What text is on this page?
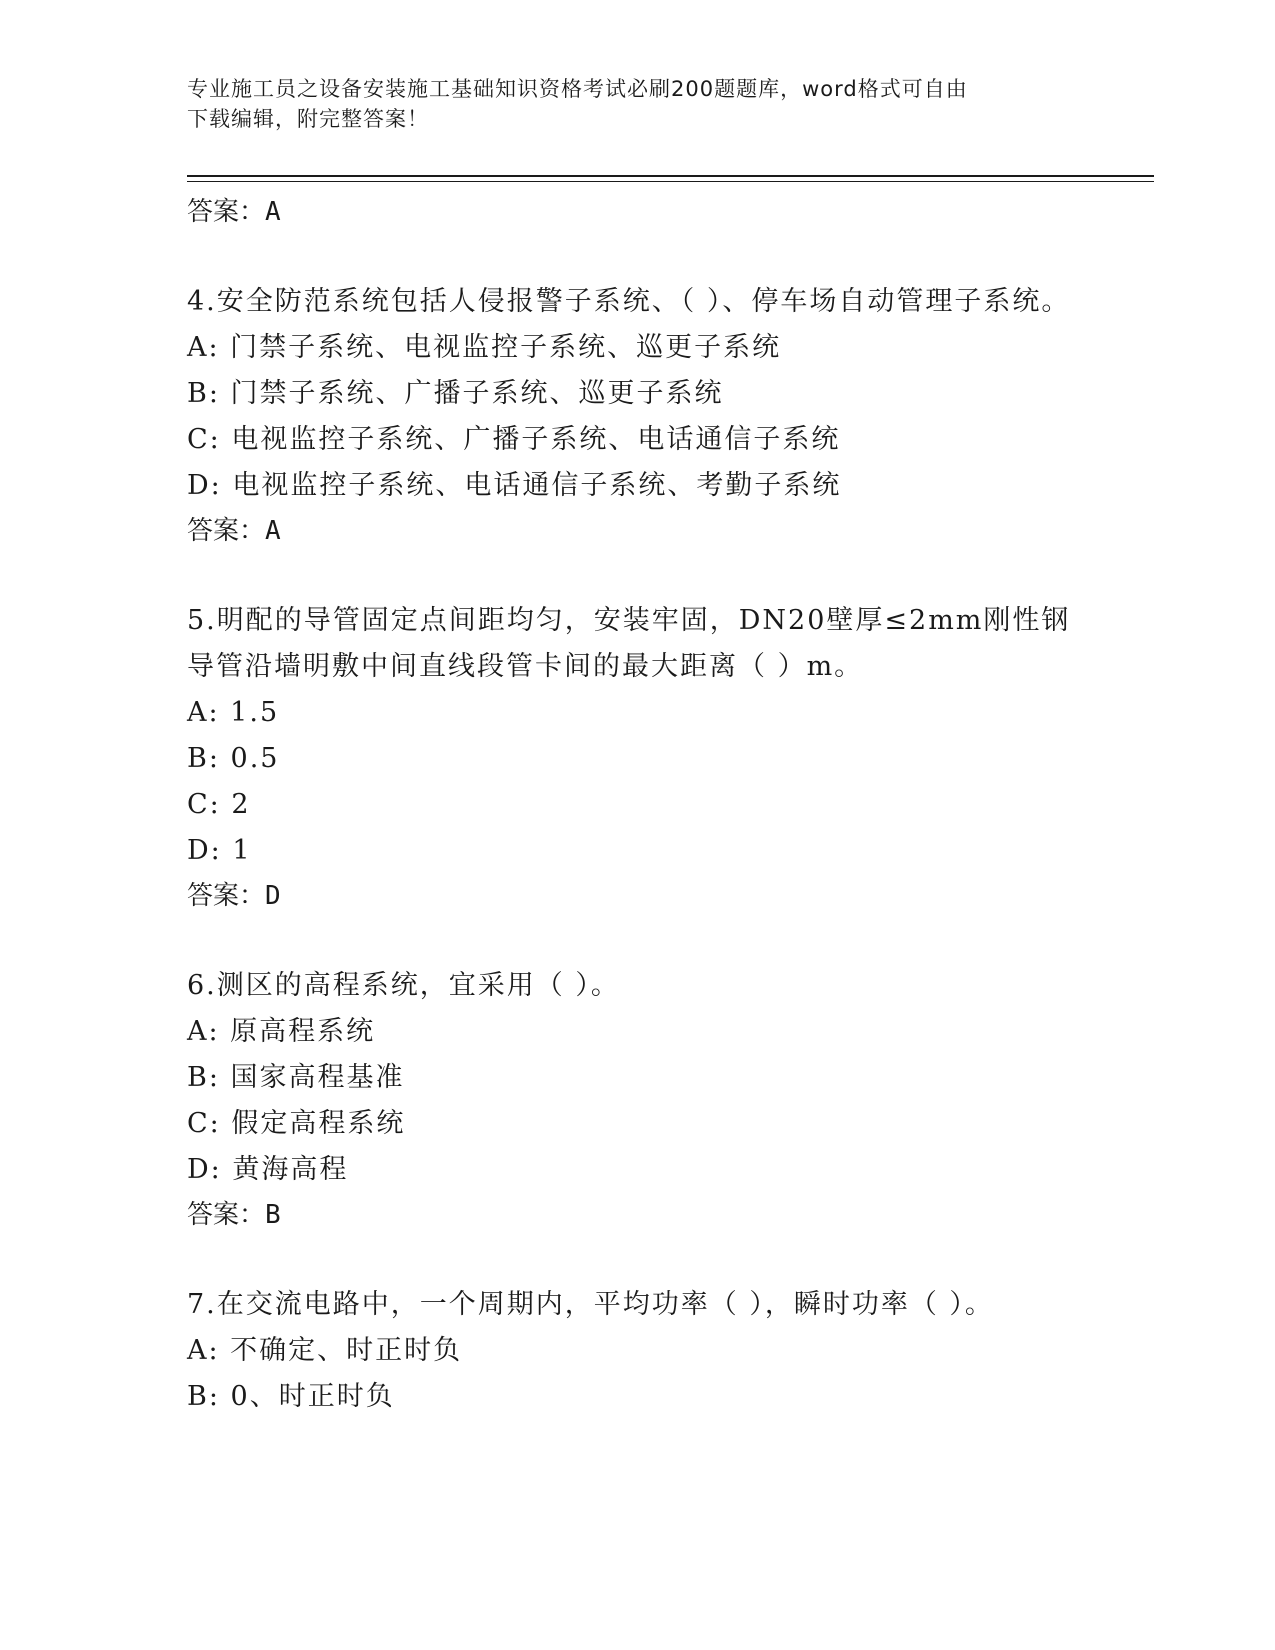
专业施工员之设备安装施工基础知识资格考试必刷200题题库，word格式可自由
下载编辑，附完整答案！
答案：A
4.安全防范系统包括人侵报警子系统、（ ）、停车场自动管理子系统。
A: 门禁子系统、电视监控子系统、巡更子系统
B: 门禁子系统、广播子系统、巡更子系统
C: 电视监控子系统、广播子系统、电话通信子系统
D: 电视监控子系统、电话通信子系统、考勤子系统
答案：A
5.明配的导管固定点间距均匀，安装牢固，DN20壁厚≤2mm刚性钢导管沿墙明敷中间直线段管卡间的最大距离（ ）m。
A: 1.5
B: 0.5
C: 2
D: 1
答案：D
6.测区的高程系统，宜采用（ ）。
A: 原高程系统
B: 国家高程基准
C: 假定高程系统
D: 黄海高程
答案：B
7.在交流电路中，一个周期内，平均功率（ ），瞬时功率（ ）。
A: 不确定、时正时负
B: 0、时正时负
